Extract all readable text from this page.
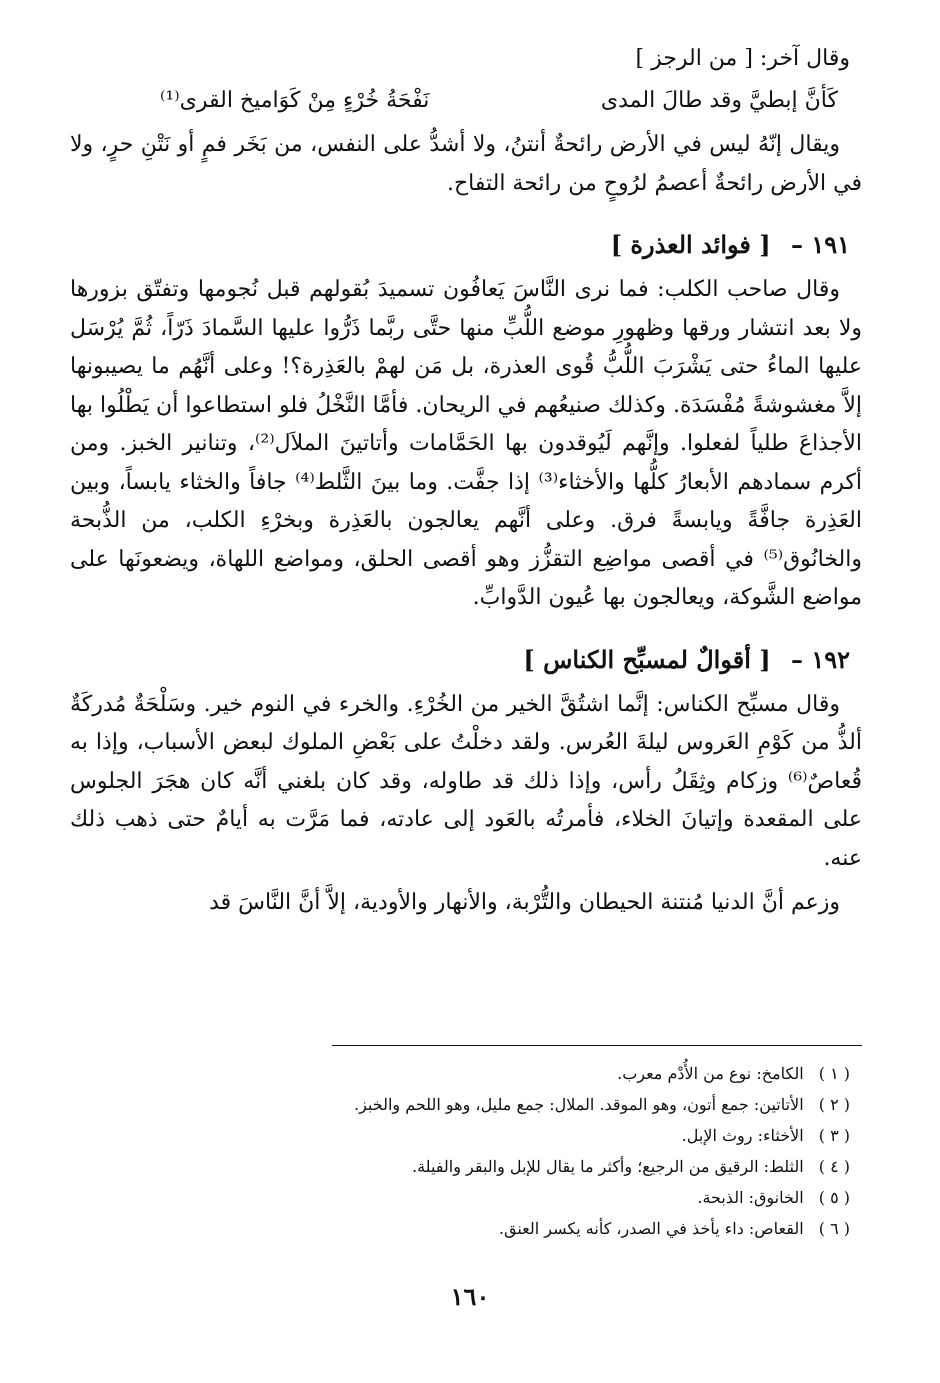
وقال آخر: [ من الرجز ]
كَأنَّ إبطيَّ وقد طالَ المدى
نَفْحَةُ خُرْءٍ مِنْ كَوَاميخ القرى⁽¹⁾

ويقال إنّهُ ليس في الأرض رائحةٌ أنتنُ، ولا أشدُّ على النفس، من بَخَر فمٍ أو نَتْنِ حرٍ، ولا في الأرض رائحةٌ أعصمُ لرُوحٍ من رائحة التفاح.

١٩١ – [ فوائد العذرة ]

وقال صاحب الكلب: فما نرى النَّاسَ يَعافُون تسميدَ بُقولهم قبل نُجومها وتفتّق بزورها ولا بعد انتشار ورقها وظهورِ موضع اللُّبِّ منها حتَّى ربَّما ذَرُّوا عليها السَّمادَ ذَرّاً، ثُمَّ يُرْسَل عليها الماءُ حتى يَشْرَبَ اللُّبُّ قُوى العذرة، بل مَن لهمْ بالعَذِرة؟! وعلى أنَّهُم ما يصيبونها إلاَّ مغشوشةً مُفْسَدَة. وكذلك صنيعُهم في الريحان. فأمَّا النَّخْلُ فلو استطاعوا أن يَطْلُوا بها الأجذاعَ طلياً لفعلوا. وإنَّهم لَيُوقدون بها الحَمَّامات وأتاتينَ الملاَل⁽²⁾، وتنانير الخبز. ومن أكرم سمادهم الأبعارُ كلُّها والأخثاء⁽³⁾ إذا جفَّت. وما بينَ الثَّلط⁽⁴⁾ جافاً والخثاء يابساً، وبين العَذِرة جافَّةً ويابسةً فرق. وعلى أنَّهم يعالجون بالعَذِرة وبخرْءِ الكلب، من الذُّبحة والخانُوق⁽⁵⁾ في أقصى مواضِع التقزُّز وهو أقصى الحلق، ومواضع اللهاة، ويضعونَها على مواضع الشَّوكة، ويعالجون بها عُيون الدَّوابِّ.

١٩٢ – [ أقوالٌ لمسبِّح الكناس ]

وقال مسبِّح الكناس: إنَّما اشتُقَّ الخير من الخُرْءِ. والخرء في النوم خير. وسَلْحَةٌ مُدركَةٌ ألذُّ من كَوْمِ العَروس ليلةَ العُرس. ولقد دخلْتُ على بَعْضِ الملوك لبعض الأسباب، وإذا به قُعاصٌ⁽⁶⁾ وزكام وثِقَلُ رأس، وإذا ذلك قد طاوله، وقد كان بلغني أنَّه كان هجَرَ الجلوس على المقعدة وإتيانَ الخلاء، فأمرتُه بالعَود إلى عادته، فما مَرَّت به أيامٌ حتى ذهب ذلك عنه.

وزعم أنَّ الدنيا مُنتنة الحيطان والتُّرْبة، والأنهار والأودية، إلاَّ أنَّ النَّاسَ قد

( ١ ) الكامخ: نوع من الأُدْم معرب.
( ٢ ) الأتاتين: جمع أتون، وهو الموقد. الملال: جمع مليل، وهو اللحم والخبز.
( ٣ ) الأخثاء: روث الإبل.
( ٤ ) الثلط: الرقيق من الرجيع؛ وأكثر ما يقال للإبل والبقر والفيلة.
( ٥ ) الخانوق: الذبحة.
( ٦ ) القعاص: داء يأخذ في الصدر، كأنه يكسر العنق.
١٦٠
